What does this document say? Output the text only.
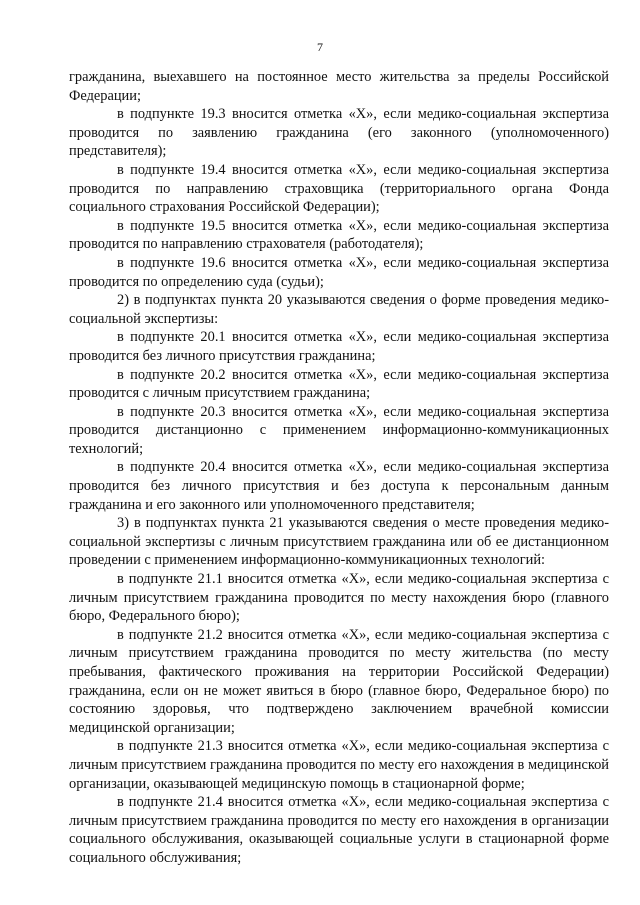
7

гражданина, выехавшего на постоянное место жительства за пределы Российской Федерации;

в подпункте 19.3 вносится отметка «Х», если медико-социальная экспертиза проводится по заявлению гражданина (его законного (уполномоченного) представителя);

в подпункте 19.4 вносится отметка «Х», если медико-социальная экспертиза проводится по направлению страховщика (территориального органа Фонда социального страхования Российской Федерации);

в подпункте 19.5 вносится отметка «Х», если медико-социальная экспертиза проводится по направлению страхователя (работодателя);

в подпункте 19.6 вносится отметка «Х», если медико-социальная экспертиза проводится по определению суда (судьи);

2) в подпунктах пункта 20 указываются сведения о форме проведения медико-социальной экспертизы:

в подпункте 20.1 вносится отметка «Х», если медико-социальная экспертиза проводится без личного присутствия гражданина;

в подпункте 20.2 вносится отметка «Х», если медико-социальная экспертиза проводится с личным присутствием гражданина;

в подпункте 20.3 вносится отметка «Х», если медико-социальная экспертиза проводится дистанционно с применением информационно-коммуникационных технологий;

в подпункте 20.4 вносится отметка «Х», если медико-социальная экспертиза проводится без личного присутствия и без доступа к персональным данным гражданина и его законного или уполномоченного представителя;

3) в подпунктах пункта 21 указываются сведения о месте проведения медико-социальной экспертизы с личным присутствием гражданина или об ее дистанционном проведении с применением информационно-коммуникационных технологий:

в подпункте 21.1 вносится отметка «Х», если медико-социальная экспертиза с личным присутствием гражданина проводится по месту нахождения бюро (главного бюро, Федерального бюро);

в подпункте 21.2 вносится отметка «Х», если медико-социальная экспертиза с личным присутствием гражданина проводится по месту жительства (по месту пребывания, фактического проживания на территории Российской Федерации) гражданина, если он не может явиться в бюро (главное бюро, Федеральное бюро) по состоянию здоровья, что подтверждено заключением врачебной комиссии медицинской организации;

в подпункте 21.3 вносится отметка «Х», если медико-социальная экспертиза с личным присутствием гражданина проводится по месту его нахождения в медицинской организации, оказывающей медицинскую помощь в стационарной форме;

в подпункте 21.4 вносится отметка «Х», если медико-социальная экспертиза с личным присутствием гражданина проводится по месту его нахождения в организации социального обслуживания, оказывающей социальные услуги в стационарной форме социального обслуживания;
